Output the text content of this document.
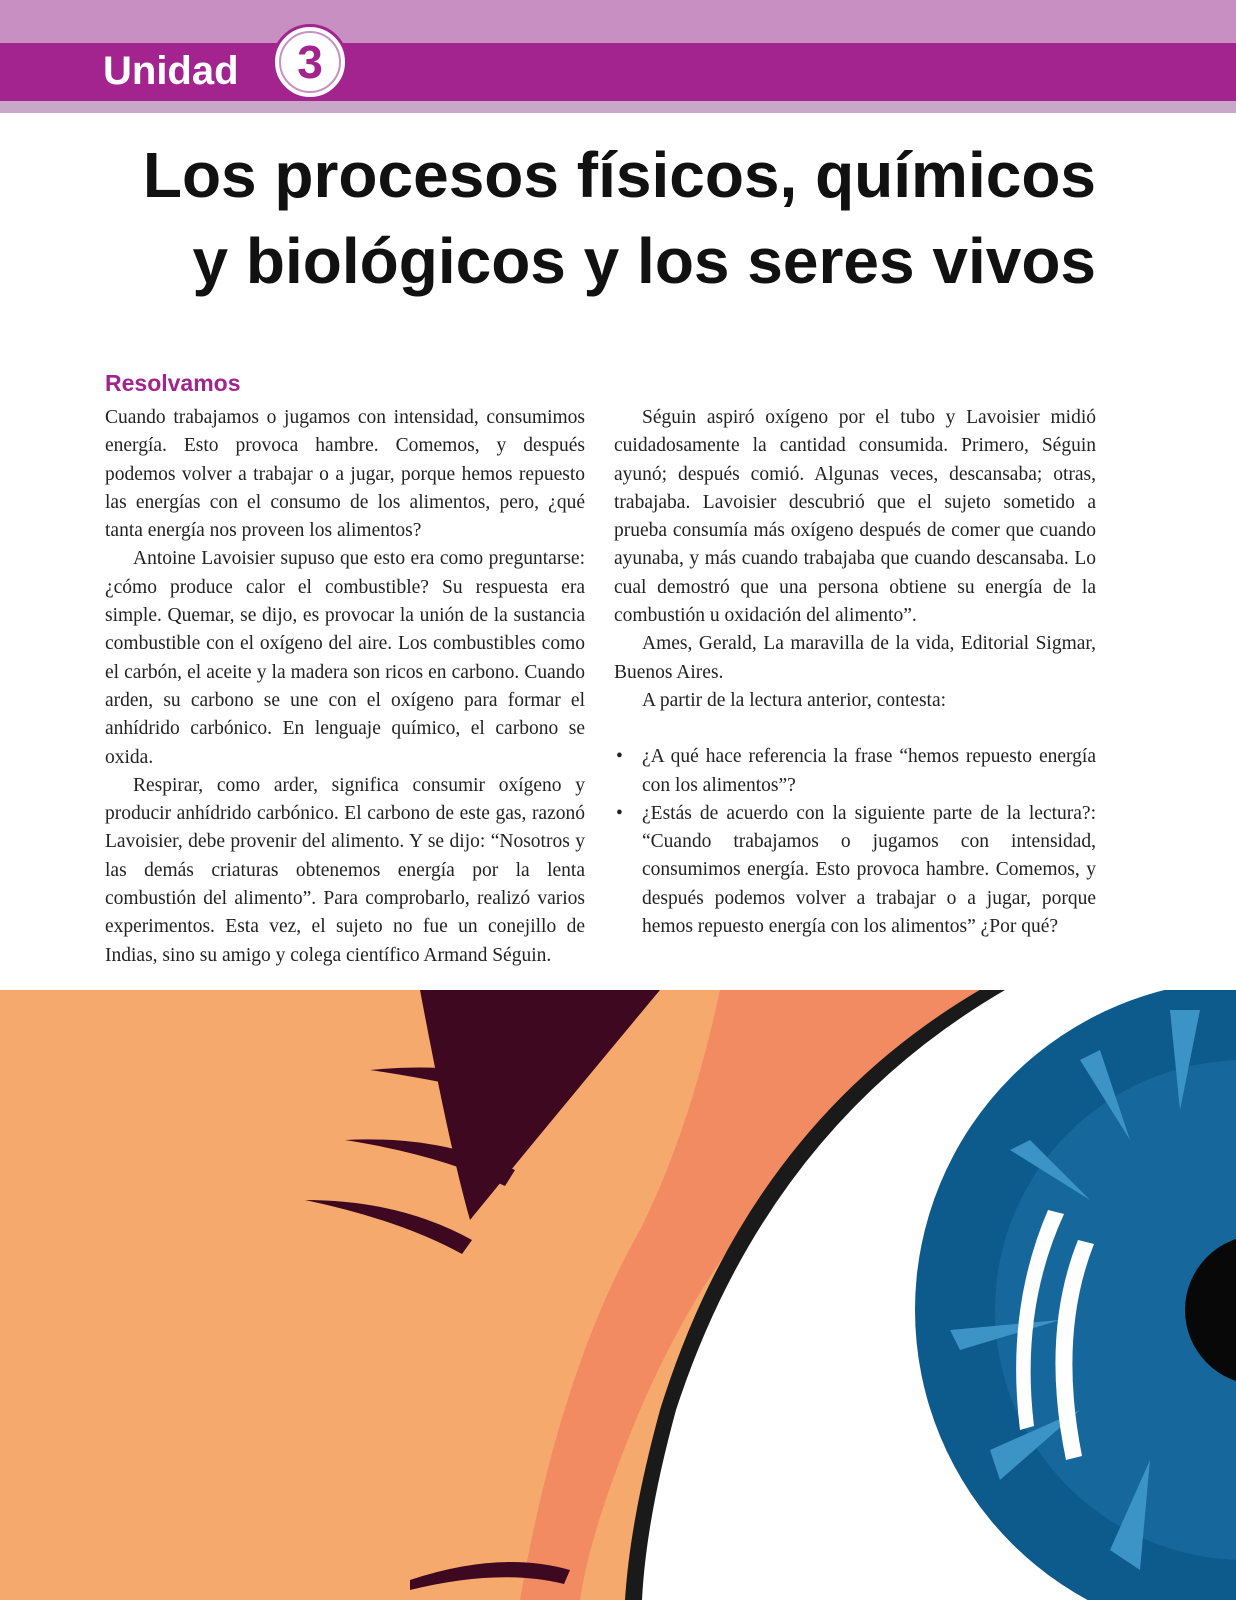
Unidad	3
Los procesos físicos, químicos
y biológicos y los seres vivos
Resolvamos

Cuando trabajamos o jugamos con intensidad, consumimos energía. Esto provoca hambre. Comemos, y después podemos volver a trabajar o a jugar, porque hemos repuesto las energías con el consumo de los alimentos, pero, ¿qué tanta energía nos proveen los alimentos?

Antoine Lavoisier supuso que esto era como preguntarse: ¿cómo produce calor el combustible? Su respuesta era simple. Quemar, se dijo, es provocar la unión de la sustancia combustible con el oxígeno del aire. Los combustibles como el carbón, el aceite y la madera son ricos en carbono. Cuando arden, su carbono se une con el oxígeno para formar el anhídrido carbónico. En lenguaje químico, el carbono se oxida.

Respirar, como arder, significa consumir oxígeno y producir anhídrido carbónico. El carbono de este gas, razonó Lavoisier, debe provenir del alimento. Y se dijo: “Nosotros y las demás criaturas obtenemos energía por la lenta combustión del alimento”. Para comprobarlo, realizó varios experimentos. Esta vez, el sujeto no fue un conejillo de Indias, sino su amigo y colega científico Armand Séguin.

Séguin aspiró oxígeno por el tubo y Lavoisier midió cuidadosamente la cantidad consumida. Primero, Séguin ayunó; después comió. Algunas veces, descansaba; otras, trabajaba. Lavoisier descubrió que el sujeto sometido a prueba consumía más oxígeno después de comer que cuando ayunaba, y más cuando trabajaba que cuando descansaba. Lo cual demostró que una persona obtiene su energía de la combustión u oxidación del alimento”.

Ames, Gerald, La maravilla de la vida, Editorial Sigmar, Buenos Aires.

A partir de la lectura anterior, contesta:

• ¿A qué hace referencia la frase “hemos repuesto energía con los alimentos”?
• ¿Estás de acuerdo con la siguiente parte de la lectura?: “Cuando trabajamos o jugamos con intensidad, consumimos energía. Esto provoca hambre. Comemos, y después podemos volver a trabajar o a jugar, porque hemos repuesto energía con los alimentos” ¿Por qué?
